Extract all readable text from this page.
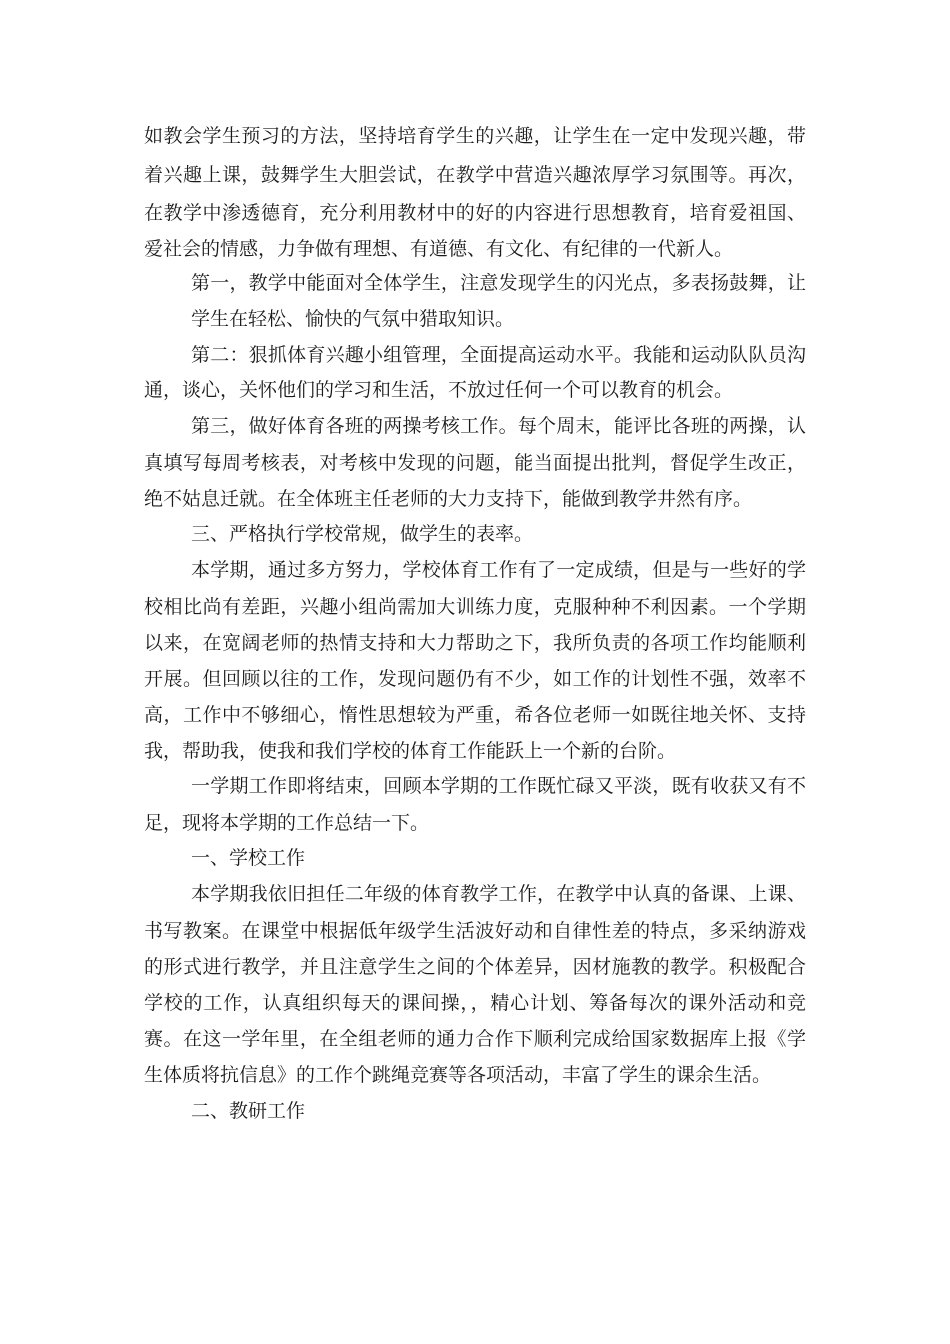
如教会学生预习的方法，坚持培育学生的兴趣，让学生在一定中发现兴趣，带
着兴趣上课，鼓舞学生大胆尝试，在教学中营造兴趣浓厚学习氛围等。再次，
在教学中渗透德育，充分利用教材中的好的内容进行思想教育，培育爱祖国、
爱社会的情感，力争做有理想、有道德、有文化、有纪律的一代新人。
第一，教学中能面对全体学生，注意发现学生的闪光点，多表扬鼓舞，让
学生在轻松、愉快的气氛中猎取知识。
第二：狠抓体育兴趣小组管理，全面提高运动水平。我能和运动队队员沟
通，谈心，关怀他们的学习和生活，不放过任何一个可以教育的机会。
第三，做好体育各班的两操考核工作。每个周末，能评比各班的两操，认
真填写每周考核表，对考核中发现的问题，能当面提出批判，督促学生改正，
绝不姑息迁就。在全体班主任老师的大力支持下，能做到教学井然有序。
三、严格执行学校常规，做学生的表率。
本学期，通过多方努力，学校体育工作有了一定成绩，但是与一些好的学
校相比尚有差距，兴趣小组尚需加大训练力度，克服种种不利因素。一个学期
以来，在宽阔老师的热情支持和大力帮助之下，我所负责的各项工作均能顺利
开展。但回顾以往的工作，发现问题仍有不少，如工作的计划性不强，效率不
高，工作中不够细心，惰性思想较为严重，希各位老师一如既往地关怀、支持
我，帮助我，使我和我们学校的体育工作能跃上一个新的台阶。
一学期工作即将结束，回顾本学期的工作既忙碌又平淡，既有收获又有不
足，现将本学期的工作总结一下。
一、学校工作
本学期我依旧担任二年级的体育教学工作，在教学中认真的备课、上课、
书写教案。在课堂中根据低年级学生活波好动和自律性差的特点，多采纳游戏
的形式进行教学，并且注意学生之间的个体差异，因材施教的教学。积极配合
学校的工作，认真组织每天的课间操，，精心计划、筹备每次的课外活动和竞
赛。在这一学年里，在全组老师的通力合作下顺利完成给国家数据库上报《学
生体质将抗信息》的工作个跳绳竞赛等各项活动，丰富了学生的课余生活。
二、教研工作
